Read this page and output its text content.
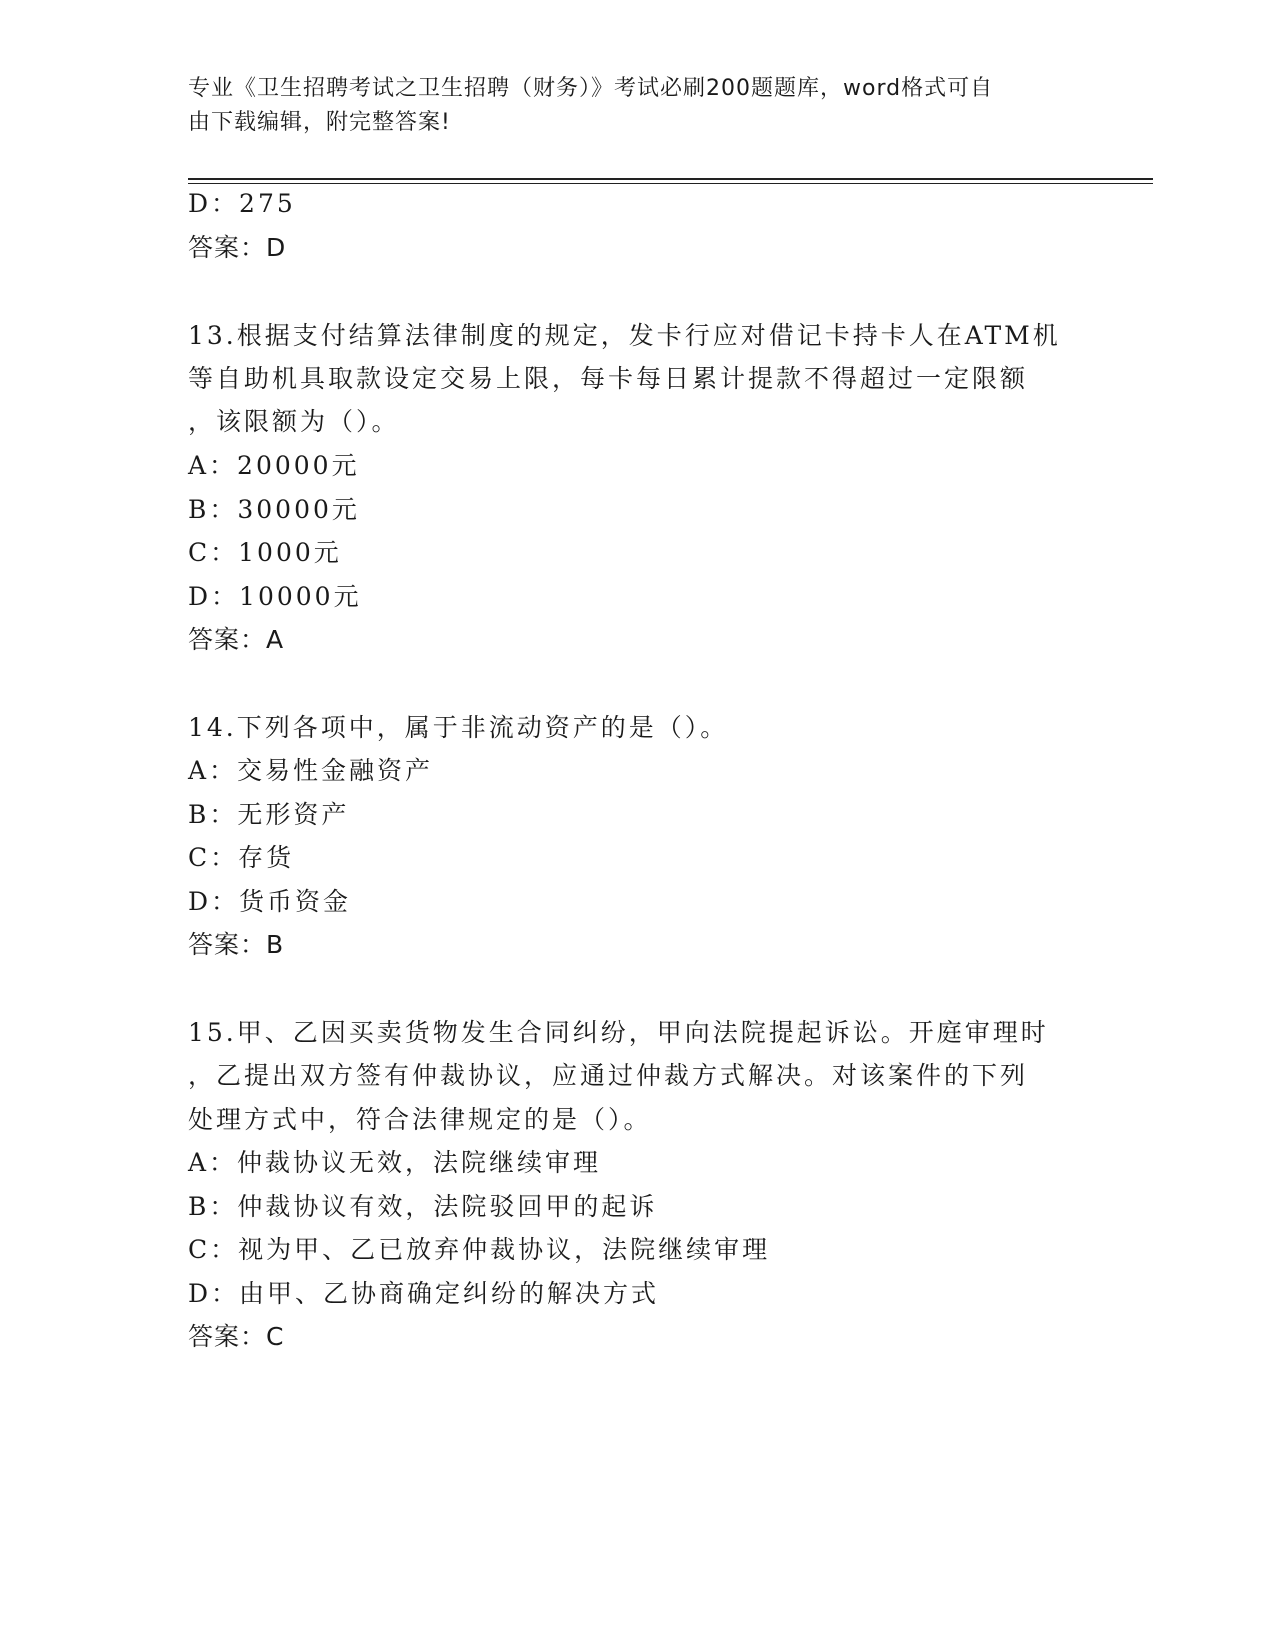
专业《卫生招聘考试之卫生招聘（财务）》考试必刷200题题库，word格式可自
由下载编辑，附完整答案!
D：275
答案：D
13.根据支付结算法律制度的规定，发卡行应对借记卡持卡人在ATM机
等自助机具取款设定交易上限，每卡每日累计提款不得超过一定限额
，该限额为（）。
A：20000元
B：30000元
C：1000元
D：10000元
答案：A
14.下列各项中，属于非流动资产的是（）。
A：交易性金融资产
B：无形资产
C：存货
D：货币资金
答案：B
15.甲、乙因买卖货物发生合同纠纷，甲向法院提起诉讼。开庭审理时
，乙提出双方签有仲裁协议，应通过仲裁方式解决。对该案件的下列
处理方式中，符合法律规定的是（）。
A：仲裁协议无效，法院继续审理
B：仲裁协议有效，法院驳回甲的起诉
C：视为甲、乙已放弃仲裁协议，法院继续审理
D：由甲、乙协商确定纠纷的解决方式
答案：C
